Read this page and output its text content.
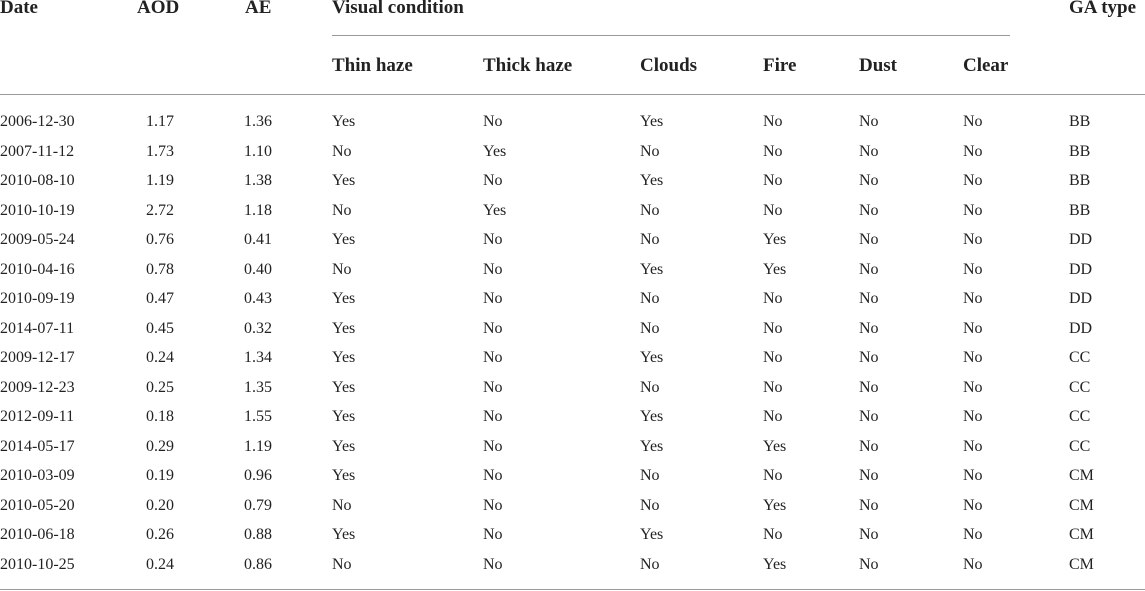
Date	AOD	AE	Visual condition	GA type
Thin haze	Thick haze	Clouds	Fire	Dust	Clear
2006-12-30	1.17	1.36	Yes	No	Yes	No	No	No	BB
2007-11-12	1.73	1.10	No	Yes	No	No	No	No	BB
2010-08-10	1.19	1.38	Yes	No	Yes	No	No	No	BB
2010-10-19	2.72	1.18	No	Yes	No	No	No	No	BB
2009-05-24	0.76	0.41	Yes	No	No	Yes	No	No	DD
2010-04-16	0.78	0.40	No	No	Yes	Yes	No	No	DD
2010-09-19	0.47	0.43	Yes	No	No	No	No	No	DD
2014-07-11	0.45	0.32	Yes	No	No	No	No	No	DD
2009-12-17	0.24	1.34	Yes	No	Yes	No	No	No	CC
2009-12-23	0.25	1.35	Yes	No	No	No	No	No	CC
2012-09-11	0.18	1.55	Yes	No	Yes	No	No	No	CC
2014-05-17	0.29	1.19	Yes	No	Yes	Yes	No	No	CC
2010-03-09	0.19	0.96	Yes	No	No	No	No	No	CM
2010-05-20	0.20	0.79	No	No	No	Yes	No	No	CM
2010-06-18	0.26	0.88	Yes	No	Yes	No	No	No	CM
2010-10-25	0.24	0.86	No	No	No	Yes	No	No	CM
